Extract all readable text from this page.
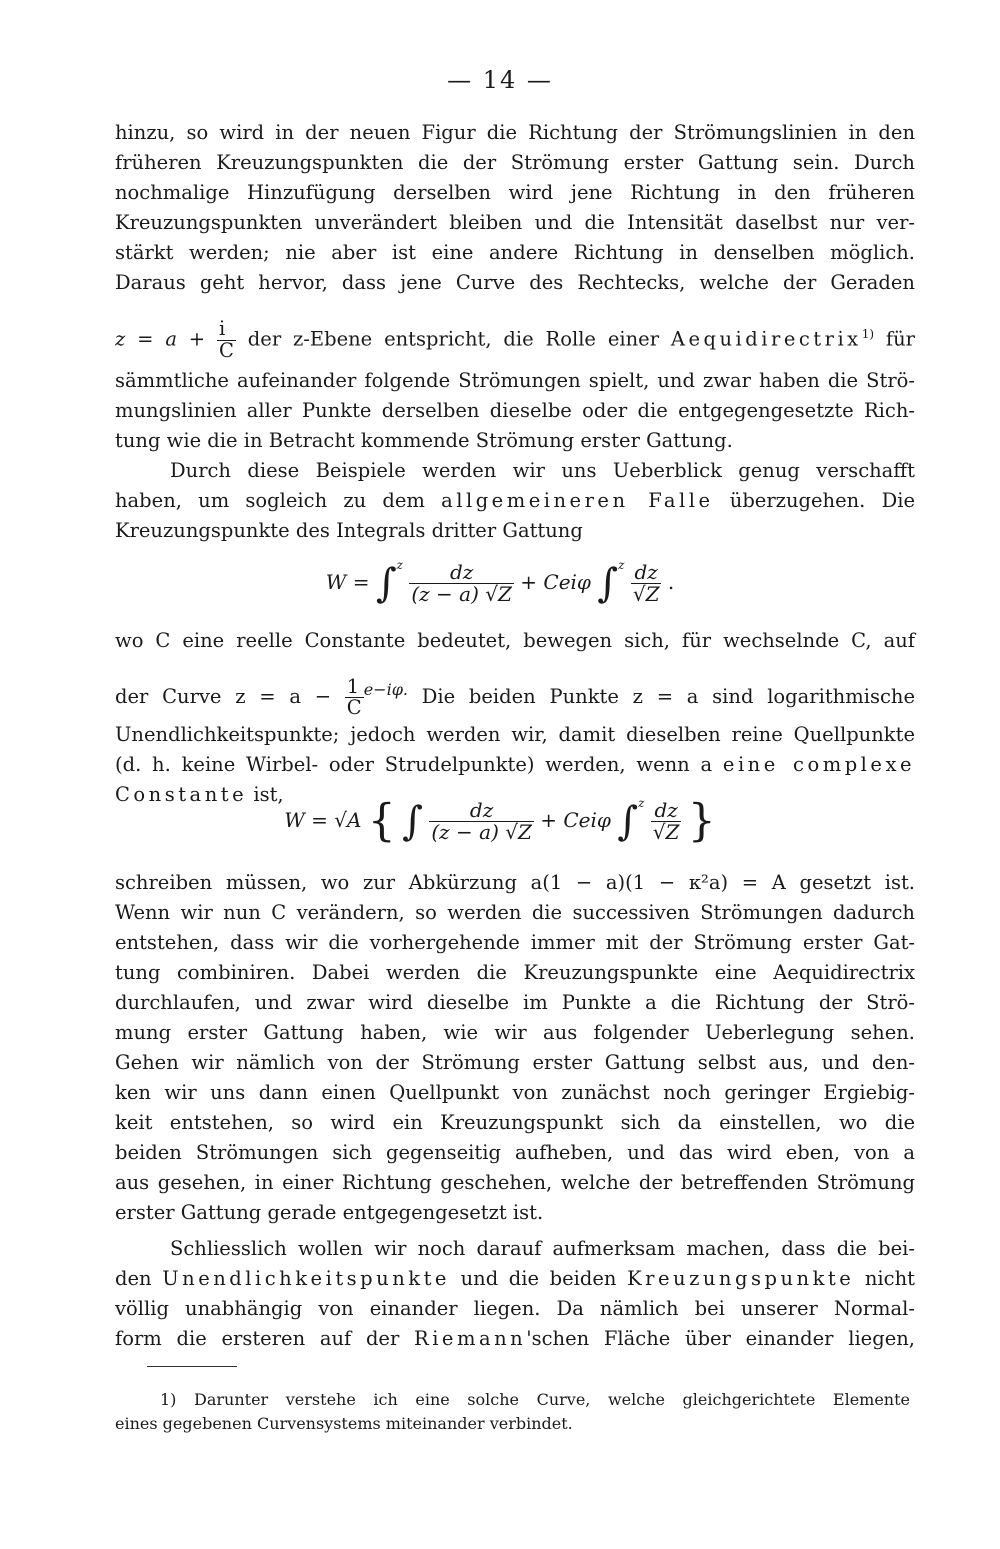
— 14 —
hinzu, so wird in der neuen Figur die Richtung der Strömungslinien in den
früheren Kreuzungspunkten die der Strömung erster Gattung sein. Durch
nochmalige Hinzufügung derselben wird jene Richtung in den früheren
Kreuzungspunkten unverändert bleiben und die Intensität daselbst nur ver-
stärkt werden; nie aber ist eine andere Richtung in denselben möglich.
Daraus geht hervor, dass jene Curve des Rechtecks, welche der Geraden
$z = a + \frac{i}{C}$ der z-Ebene entspricht, die Rolle einer Aequidirectrix$^{1)}$ für
sämmtliche aufeinander folgende Strömungen spielt, und zwar haben die Strö-
mungslinien aller Punkte derselben dieselbe oder die entgegengesetzte Rich-
tung wie die in Betracht kommende Strömung erster Gattung.
Durch diese Beispiele werden wir uns Ueberblick genug verschafft
haben, um sogleich zu dem allgemeineren Falle überzugehen. Die
Kreuzungspunkte des Integrals dritter Gattung
$W = \int^z \frac{dz}{(z - a) √Z} + Cei\varphi$ $\int^z \frac{dz}{√Z}$ .
wo C eine reelle Constante bedeutet, bewegen sich, für wechselnde C, auf
der Curve $z = a - \frac{1}{C} ^{e-i\varphi.}$ Die beiden Punkte z = a sind logarithmische
Unendlichkeitspunkte; jedoch werden wir, damit dieselben reine Quellpunkte
(d. h. keine Wirbel- oder Strudelpunkte) werden, wenn a eine complexe
Constante ist,
W = √A { ∫ $\frac{dz}{(z - a) √Z} + Cei\varphi$ $\int^z \frac{dz}{√Z}$ }
schreiben müssen, wo zur Abkürzung a(1 − a)(1 − κ²a) = A gesetzt ist.
Wenn wir nun C verändern, so werden die successiven Strömungen dadurch
entstehen, dass wir die vorhergehende immer mit der Strömung erster Gat-
tung combiniren. Dabei werden die Kreuzungspunkte eine Aequidirectrix
durchlaufen, und zwar wird dieselbe im Punkte a die Richtung der Strö-
mung erster Gattung haben, wie wir aus folgender Ueberlegung sehen.
Gehen wir nämlich von der Strömung erster Gattung selbst aus, und den-
ken wir uns dann einen Quellpunkt von zunächst noch geringer Ergiebig-
keit entstehen, so wird ein Kreuzungspunkt sich da einstellen, wo die
beiden Strömungen sich gegenseitig aufheben, und das wird eben, von a
aus gesehen, in einer Richtung geschehen, welche der betreffenden Strömung
erster Gattung gerade entgegengesetzt ist.
Schliesslich wollen wir noch darauf aufmerksam machen, dass die bei-
den Unendlichkeitspunkte und die beiden Kreuzungspunkte nicht
völlig unabhängig von einander liegen. Da nämlich bei unserer Normal-
form die ersteren auf der Riemann'schen Fläche über einander liegen,
1) Darunter verstehe ich eine solche Curve, welche gleichgerichtete Elemente
eines gegebenen Curvensystems miteinander verbindet.
